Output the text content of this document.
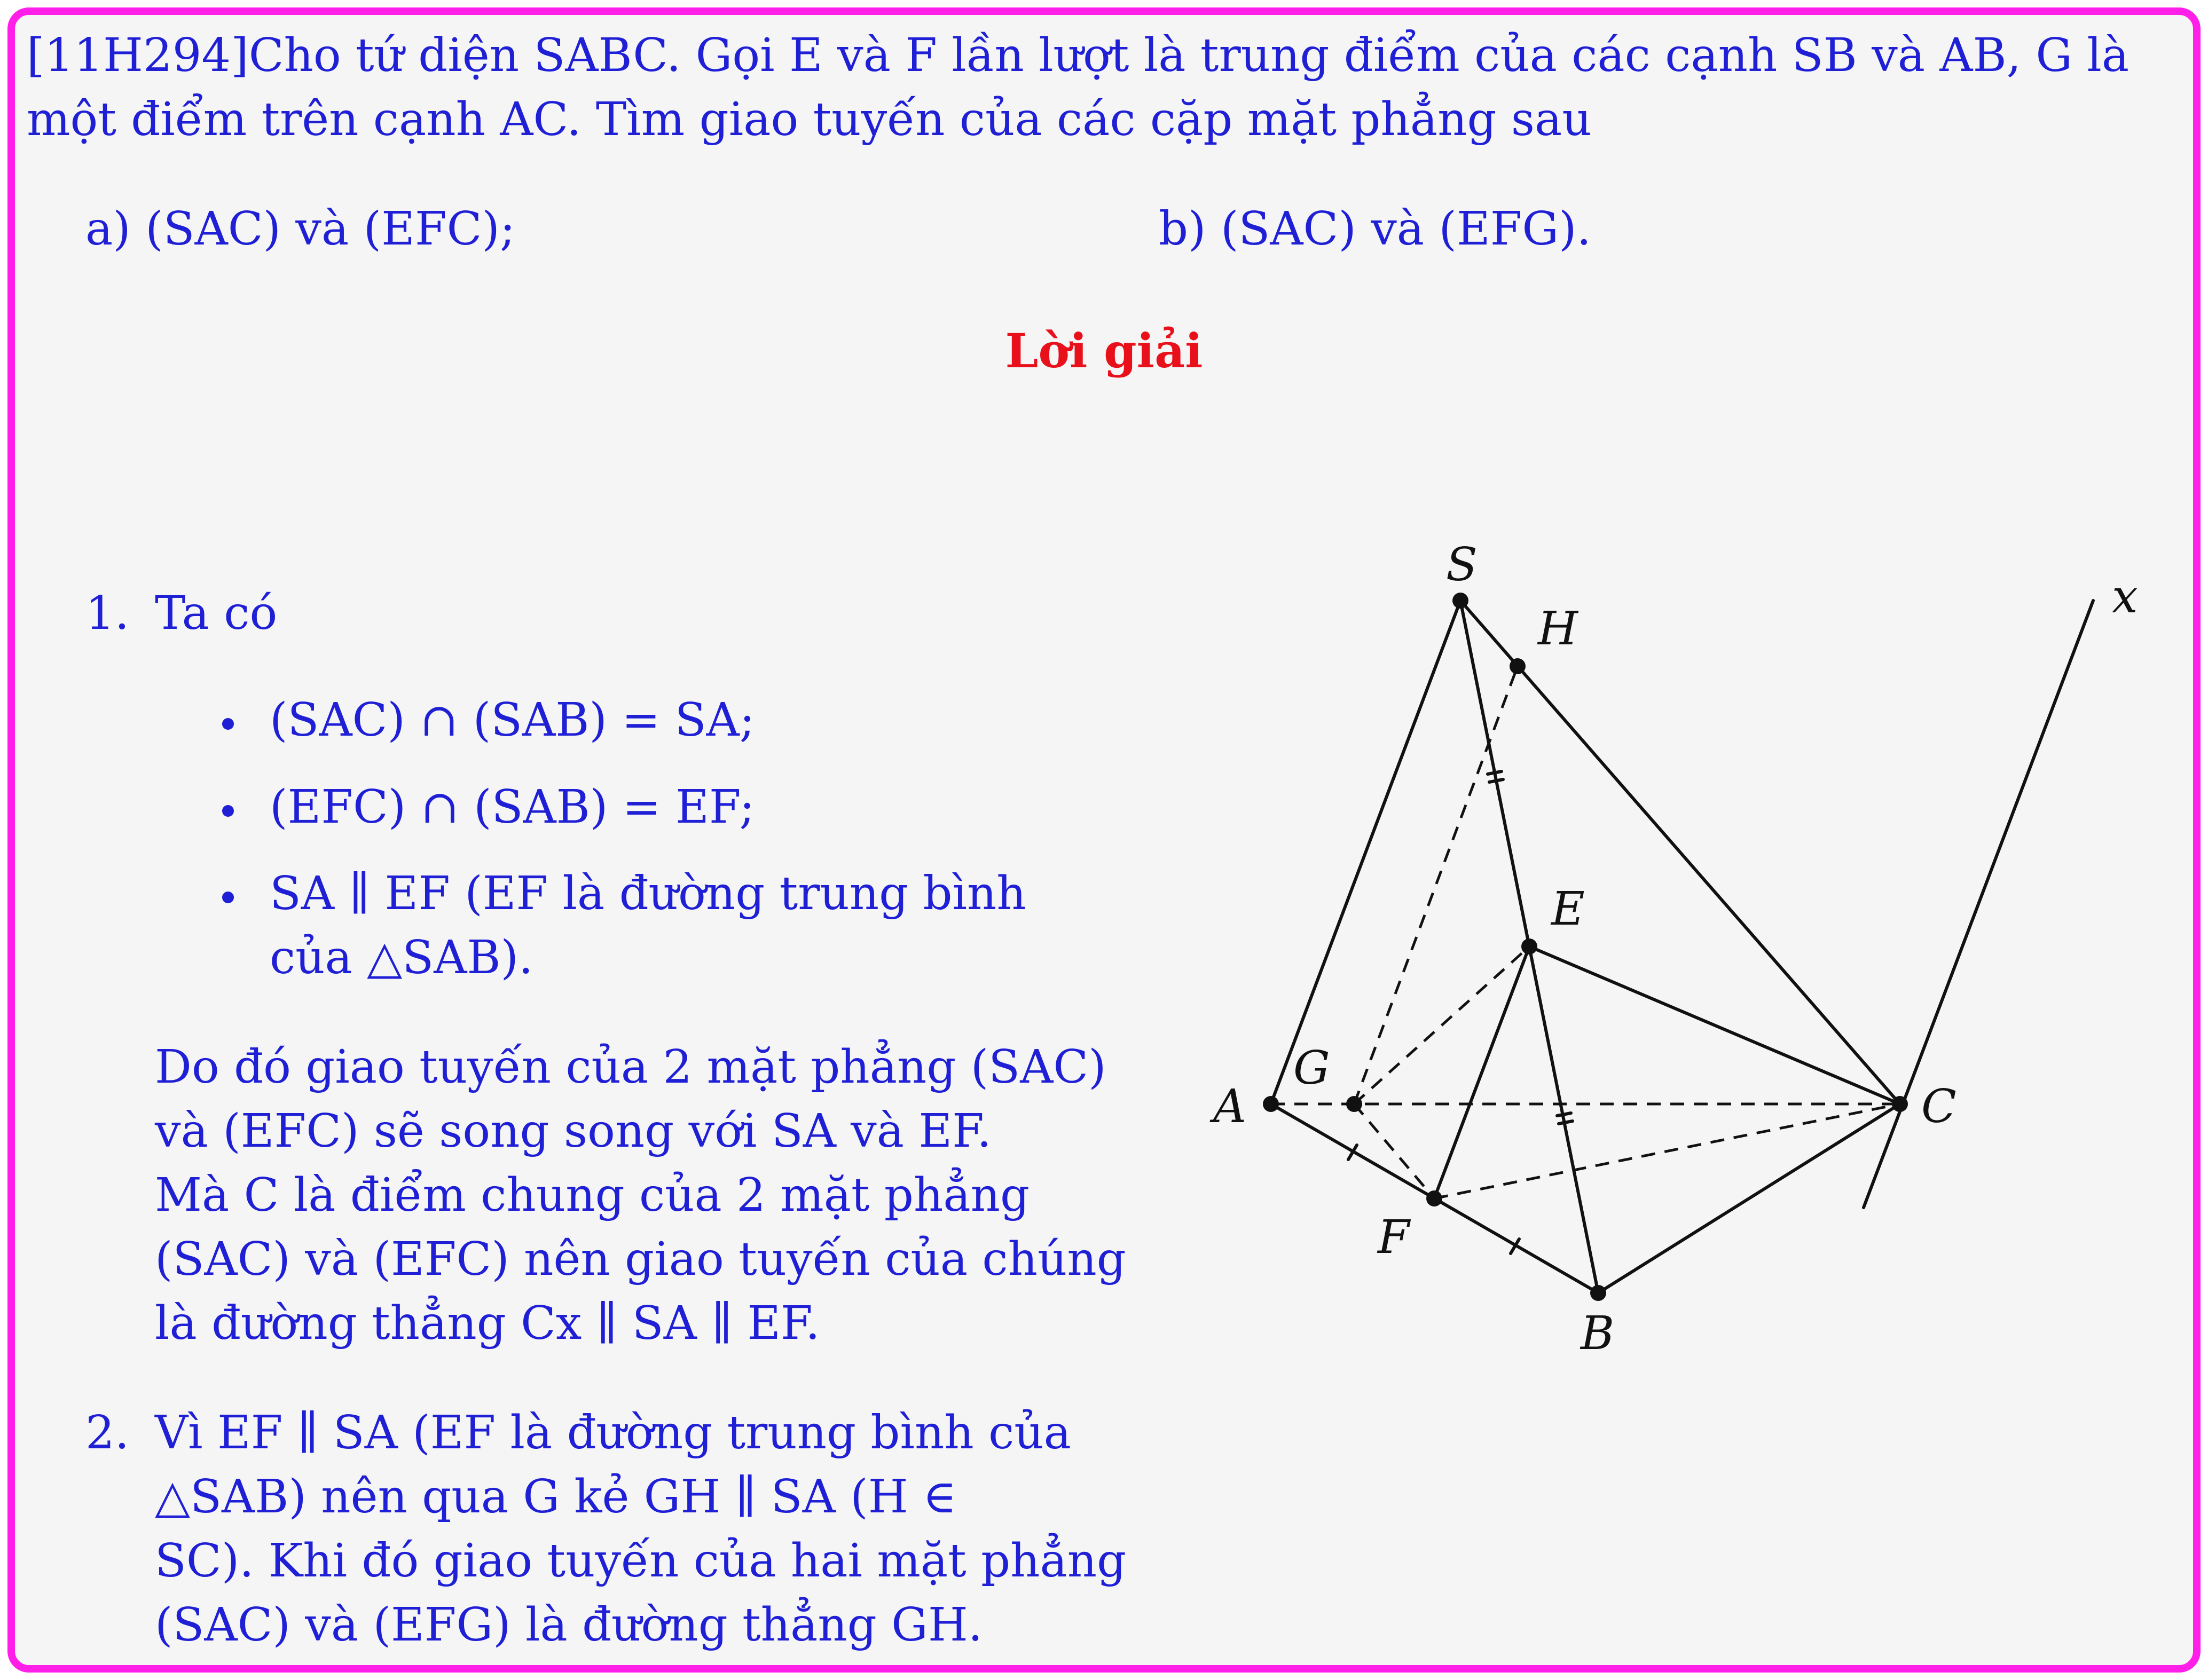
[11H294]Cho tứ diện SABC. Gọi E và F lần lượt là trung điểm của các cạnh SB và AB, G là
một điểm trên cạnh AC. Tìm giao tuyến của các cặp mặt phẳng sau
a) (SAC) và (EFC);	b) (SAC) và (EFG).
Lời giải
1. Ta có
(SAC) ∩ (SAB) = SA;
(EFC) ∩ (SAB) = EF;
SA ∥ EF (EF là đường trung bình
của △SAB).
Do đó giao tuyến của 2 mặt phẳng (SAC)
và (EFC) sẽ song song với SA và EF.
Mà C là điểm chung của 2 mặt phẳng
(SAC) và (EFC) nên giao tuyến của chúng
là đường thẳng Cx ∥ SA ∥ EF.
2. Vì EF ∥ SA (EF là đường trung bình của
△SAB) nên qua G kẻ GH ∥ SA (H ∈
SC). Khi đó giao tuyến của hai mặt phẳng
(SAC) và (EFG) là đường thẳng GH.
S
H
x
E
G
A	C
F
B
